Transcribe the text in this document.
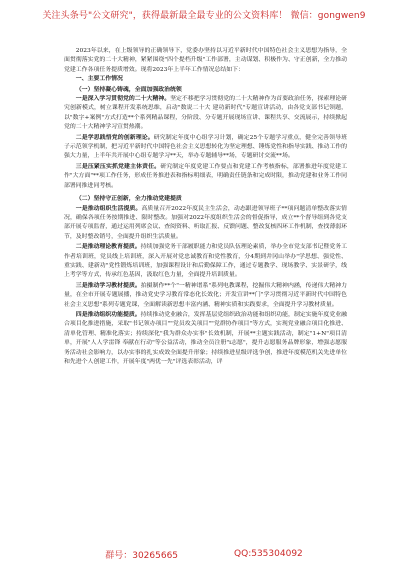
关注头条号"公文研究"，获得最新最全最专业的公文资料库！ 微信：gongwen9

2023年以来，在上级领导的正确领导下，党委办坚持以习近平新时代中国特色社会主义思想为指导，全面贯彻落实党的二十大精神，紧紧围绕"四个提档升级"工作部署，主动谋划、积极作为、守正创新，全力推动党建工作各项任务提质增效。现将2023年上半年工作情况总结如下：

一、主要工作情况

（一）坚持凝心铸魂，全面加强政治统领

一是深入学习贯彻党的二十大精神。坚定不移把学习贯彻党的二十大精神作为首要政治任务，探索理论研究创新模式，树立课程开发系统思维，启动"数说二十大 建功新时代"专题宣讲活动，由各党支部书记领题，以"数字+案例"方式打造**个系列精品课程，分阶段、分专题开展现场宣讲、课程共享、交流展示，持续掀起党的二十大精神学习宣贯热潮。

二是学思践悟党的创新理论。研究制定年度中心组学习计划，确定25个专题学习重点，健全完善领导班子示范领学机制，把习近平新时代中国特色社会主义思想转化为坚定理想、锤炼党性和指导实践、推动工作的强大力量，上半年共开展中心组专题学习**天，举办专题辅导**场，专题研讨交流**场。

三是压紧压实抓党建主体责任。研究制定年度党建工作要点和党建工作考核指标，部署推进年度党建工作"大方面"**项工作任务，形成任务推进表和指标明细表，明确责任链条和完成时限，推动党建和业务工作同部署同推进同考核。

（二）坚持守正创新，全力推动党建提质

一是推动组织生活提质。高质量召开2022年度民主生活会，动态跟进领导班子**项问题清单整改落实情况，确保各项任务按期推进、限时整改。加强对2022年度组织生活会的督促指导，成立**个督导组到各党支部开展专项监督，通过运用列席会议、查阅资料、听取汇报、反馈问题、整改复核四环工作机制，查找薄弱环节，及时整改销号，全面提升组织生活质量。

二是推动理论教育提质。持续加强党务干部履职能力和党员队伍理论素质，举办全市党支部书记暨党务工作者培训班，党员线上培训班，深入开展对党忠诚教育和党性教育，分4期到井冈山举办"学思想、强党性、重实践、建新功"党性锻炼培训班，加强课程设计和后勤保障工作，通过专题教学、现场教学、实景研学，线上考学等方式，传承红色基因，汲取红色力量，全面提升培训质量。

三是推动学习教材提质。拍摄制作**个"一精神谱系"系列电教课程，挖掘伟大精神内涵，传递伟大精神力量，在全市开展专题展播，推动党史学习教育常态化长效化；开发宣讲**门"学习贯彻习近平新时代中国特色社会主义思想"系列专题党课，全面解读新思想丰富内涵、精神实质和实践要求，全面提升学习教材质量。

四是推动组织功能提质。持续推动党业融合，发挥基层党组织政治功能和组织功能，制定实施年度党业融合项目化推进措施，采取"书记领办项目""党员攻关项目""党群协作项目"等方式，实现党业融合项目化推进、清单化管理、精准化落实；持续深化"我为群众办实事"长效机制，开展**主题实践活动，制定"1+N"项目清单，开展"人人学雷锋 奉献在行动"等公益活动，推动全员注册"i志愿"，提升志愿服务品牌形象，增强志愿服务活动社会影响力，以办实事的扎实成效全面提升形象；持续推进星级评选争创，推进年度模范机关先进单位和先进个人创建工作，开展年度"两优一先"评选表彰活动，评

群号：30265665	QQ:535304092
